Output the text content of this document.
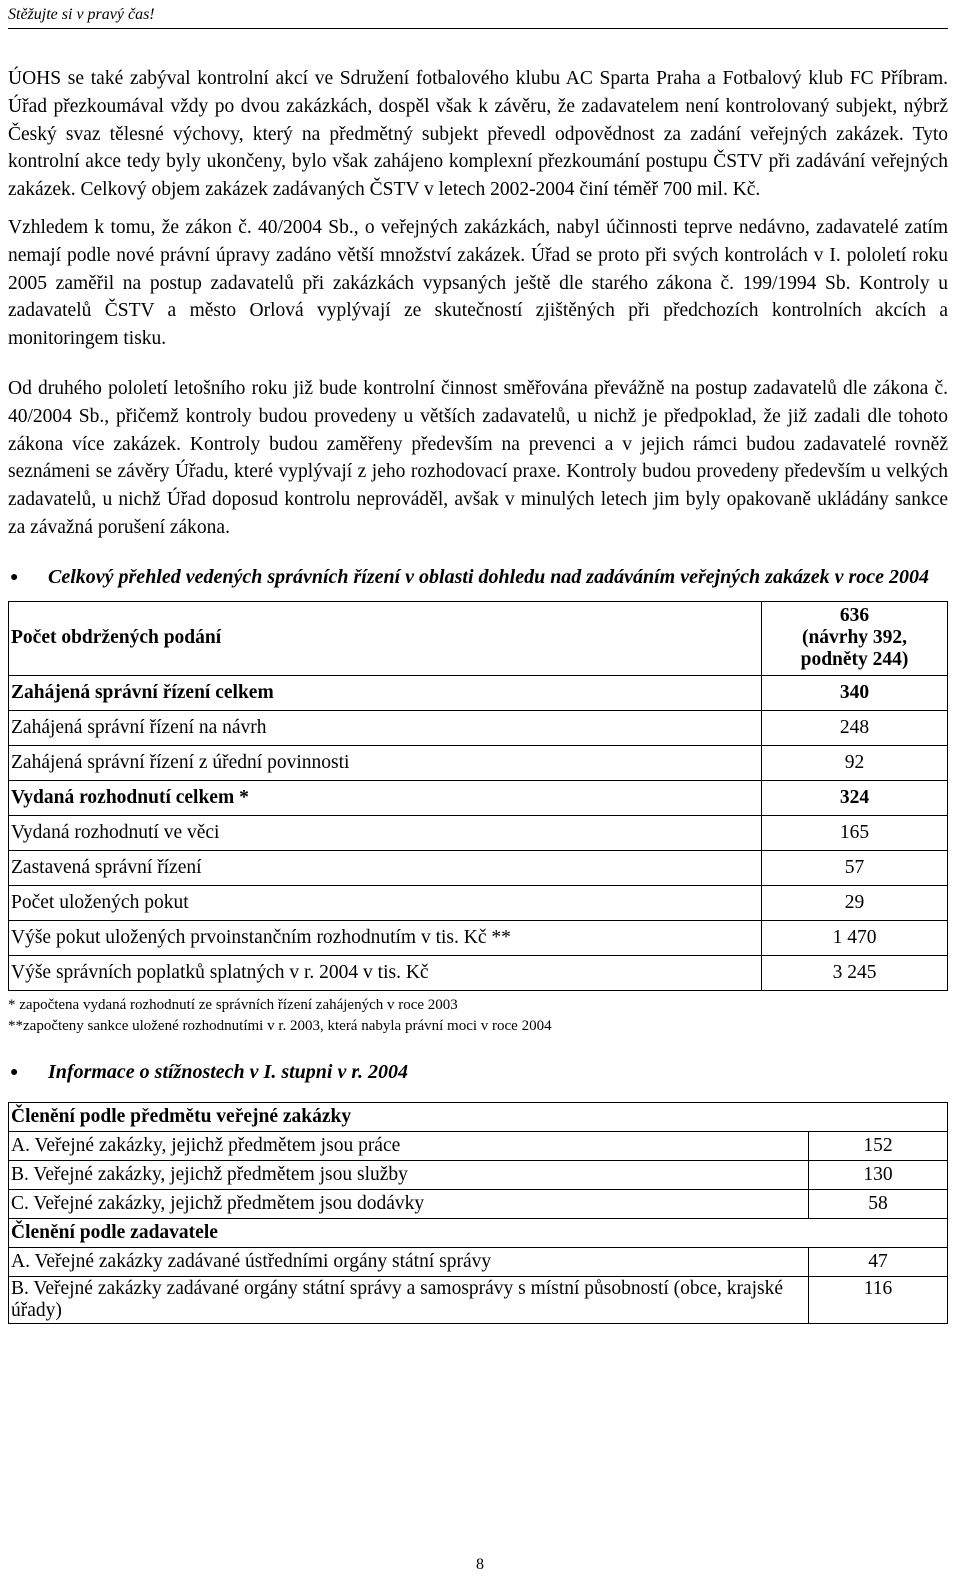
Stěžujte si v pravý čas!

ÚOHS se také zabýval kontrolní akcí ve Sdružení fotbalového klubu AC Sparta Praha a Fotbalový klub FC Příbram. Úřad přezkoumával vždy po dvou zakázkách, dospěl však k závěru, že zadavatelem není kontrolovaný subjekt, nýbrž Český svaz tělesné výchovy, který na předmětný subjekt převedl odpovědnost za zadání veřejných zakázek. Tyto kontrolní akce tedy byly ukončeny, bylo však zahájeno komplexní přezkoumání postupu ČSTV při zadávání veřejných zakázek. Celkový objem zakázek zadávaných ČSTV v letech 2002-2004 činí téměř 700 mil. Kč.

Vzhledem k tomu, že zákon č. 40/2004 Sb., o veřejných zakázkách, nabyl účinnosti teprve nedávno, zadavatelé zatím nemají podle nové právní úpravy zadáno větší množství zakázek. Úřad se proto při svých kontrolách v I. pololetí roku 2005 zaměřil na postup zadavatelů při zakázkách vypsaných ještě dle starého zákona č. 199/1994 Sb. Kontroly u zadavatelů ČSTV a město Orlová vyplývají ze skutečností zjištěných při předchozích kontrolních akcích a monitoringem tisku.

Od druhého pololetí letošního roku již bude kontrolní činnost směřována převážně na postup zadavatelů dle zákona č. 40/2004 Sb., přičemž kontroly budou provedeny u větších zadavatelů, u nichž je předpoklad, že již zadali dle tohoto zákona více zakázek. Kontroly budou zaměřeny především na prevenci a v jejich rámci budou zadavatelé rovněž seznámeni se závěry Úřadu, které vyplývají z jeho rozhodovací praxe. Kontroly budou provedeny především u velkých zadavatelů, u nichž Úřad doposud kontrolu neprováděl, avšak v minulých letech jim byly opakovaně ukládány sankce za závažná porušení zákona.

●	Celkový přehled vedených správních řízení v oblasti dohledu nad zadáváním veřejných zakázek v roce 2004
Počet obdržených podání	636
(návrhy 392,
podněty 244)

Zahájená správní řízení celkem	340
Zahájená správní řízení na návrh	248
Zahájená správní řízení z úřední povinnosti	92
Vydaná rozhodnutí celkem *	324
Vydaná rozhodnutí ve věci	165
Zastavená správní řízení	57
Počet uložených pokut	29
Výše pokut uložených prvoinstančním rozhodnutím v tis. Kč **	1 470
Výše správních poplatků splatných v r. 2004 v tis. Kč	3 245
* započtena vydaná rozhodnutí ze správních řízení zahájených v roce 2003
**započteny sankce uložené rozhodnutími v r. 2003, která nabyla právní moci v roce 2004
●	Informace o stížnostech v I. stupni v r. 2004
Členění podle předmětu veřejné zakázky	
A. Veřejné zakázky, jejichž předmětem jsou práce	152
B. Veřejné zakázky, jejichž předmětem jsou služby	130
C. Veřejné zakázky, jejichž předmětem jsou dodávky	58
Členění podle zadavatele	
A. Veřejné zakázky zadávané ústředními orgány státní správy	47
B. Veřejné zakázky zadávané orgány státní správy a samosprávy s místní působností (obce, krajské úřady)	116
8
